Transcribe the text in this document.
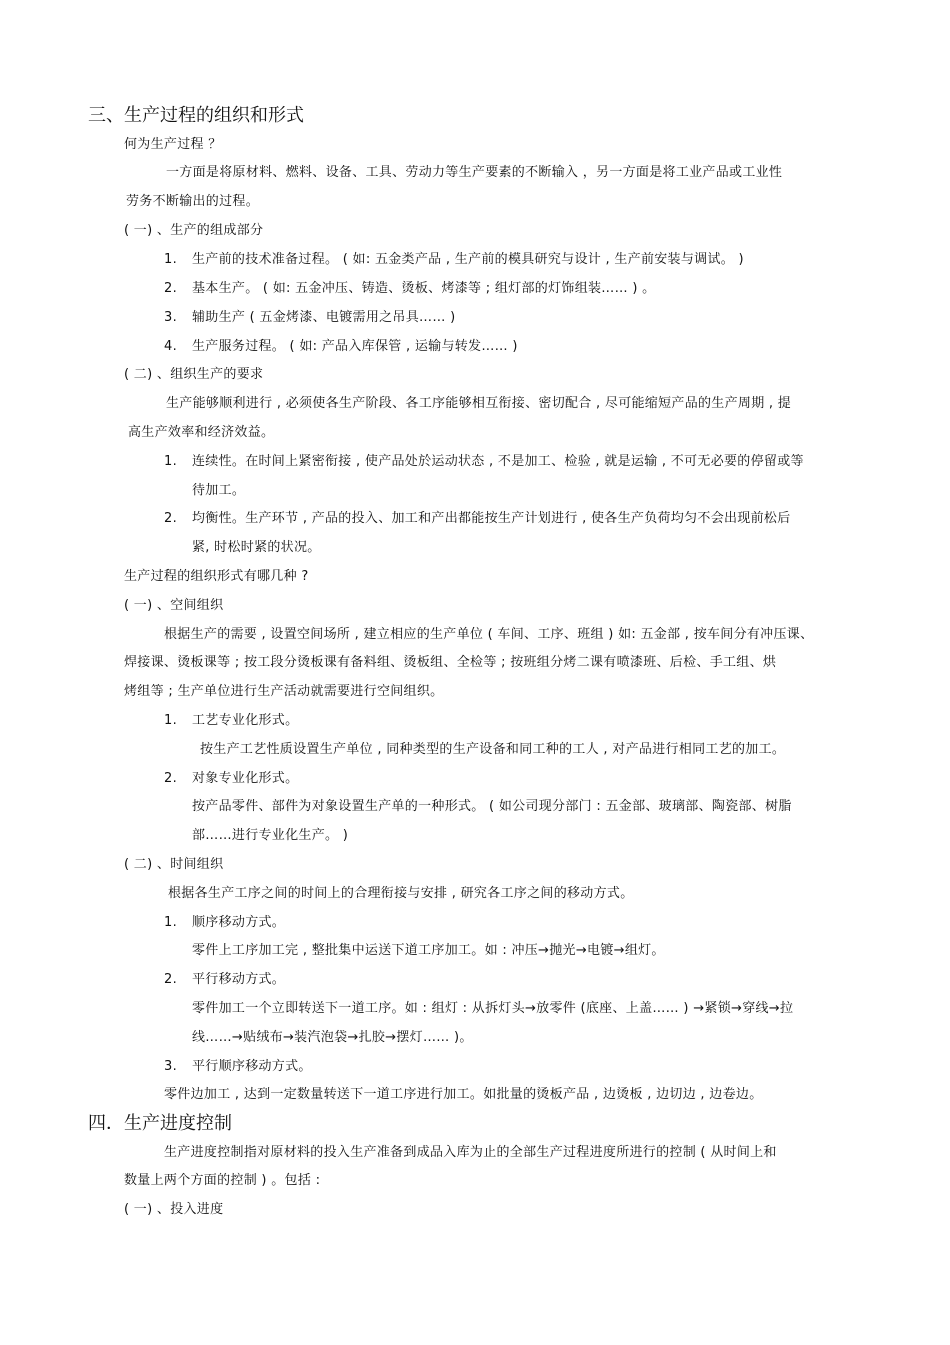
三、生产过程的组织和形式
何为生产过程 ？
一方面是将原材料、燃料、设备、工具、劳动力等生产要素的不断输入 ，另一方面是将工业产品或工业性
劳务不断输出的过程。
( 一) 、生产的组成部分
1. 生产前的技术准备过程。 ( 如: 五金类产品 , 生产前的模具研究与设计 , 生产前安装与调试。 )
2. 基本生产。 ( 如: 五金冲压、铸造、烫板、烤漆等 ; 组灯部的灯饰组装…… ) 。
3. 辅助生产 ( 五金烤漆、电镀需用之吊具…… )
4. 生产服务过程。 ( 如: 产品入库保管 , 运输与转发…… )
( 二) 、组织生产的要求
生产能够顺利进行 , 必须使各生产阶段、各工序能够相互衔接、密切配合 , 尽可能缩短产品的生产周期 , 提
高生产效率和经济效益。
1. 连续性。在时间上紧密衔接 , 使产品处於运动状态 , 不是加工、检验 , 就是运输 , 不可无必要的停留或等
待加工。
2. 均衡性。生产环节 , 产品的投入、加工和产出都能按生产计划进行 , 使各生产负荷均匀不会出现前松后
紧, 时松时紧的状况。
生产过程的组织形式有哪几种 ?
( 一) 、空间组织
根据生产的需要 , 设置空间场所 , 建立相应的生产单位 ( 车间、工序、班组 ) 如: 五金部 , 按车间分有冲压课、
焊接课、烫板课等 ; 按工段分烫板课有备料组、烫板组、全检等 ; 按班组分烤二课有喷漆班、后检、手工组、烘
烤组等 ; 生产单位进行生产活动就需要进行空间组织。
1. 工艺专业化形式。
按生产工艺性质设置生产单位 , 同种类型的生产设备和同工种的工人 , 对产品进行相同工艺的加工。
2. 对象专业化形式。
按产品零件、部件为对象设置生产单的一种形式。 ( 如公司现分部门 : 五金部、玻璃部、陶瓷部、树脂
部……进行专业化生产。 )
( 二) 、时间组织
根据各生产工序之间的时间上的合理衔接与安排 , 研究各工序之间的移动方式。
1. 顺序移动方式。
零件上工序加工完 , 整批集中运送下道工序加工。如 : 冲压→抛光→电镀→组灯。
2. 平行移动方式。
零件加工一个立即转送下一道工序。如 : 组灯 : 从拆灯头→放零件 (底座、上盖…… ) →紧锁→穿线→拉
线……→贴绒布→装汽泡袋→扎胶→摆灯…… )。
3. 平行顺序移动方式。
零件边加工 , 达到一定数量转送下一道工序进行加工。如批量的烫板产品 , 边烫板 , 边切边 , 边卷边。
四．生产进度控制
生产进度控制指对原材料的投入生产准备到成品入库为止的全部生产过程进度所进行的控制 ( 从时间上和
数量上两个方面的控制 ) 。包括 :
( 一) 、投入进度
